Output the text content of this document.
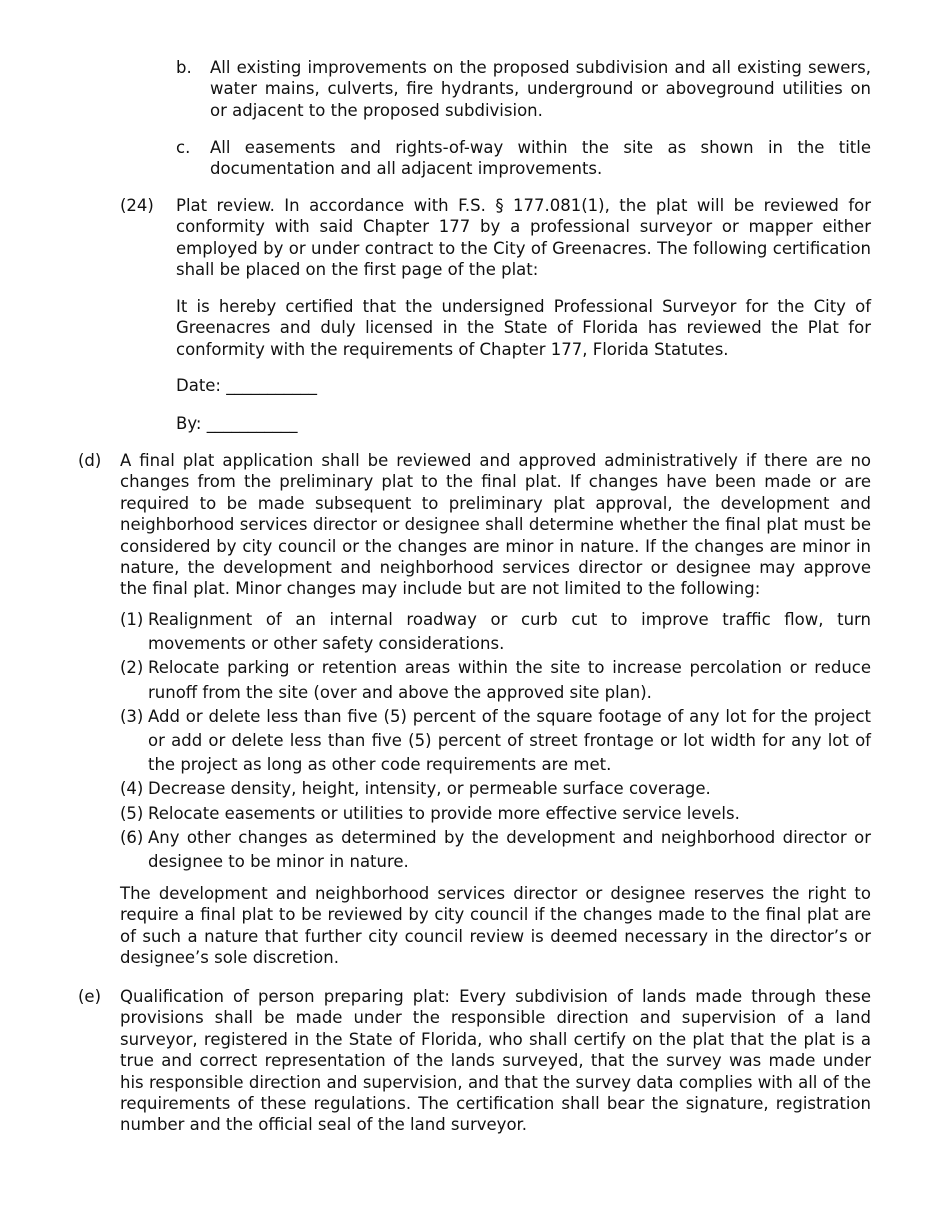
b. All existing improvements on the proposed subdivision and all existing sewers, water mains, culverts, fire hydrants, underground or aboveground utilities on or adjacent to the proposed subdivision.

c. All easements and rights-of-way within the site as shown in the title documentation and all adjacent improvements.

(24) Plat review. In accordance with F.S. § 177.081(1), the plat will be reviewed for conformity with said Chapter 177 by a professional surveyor or mapper either employed by or under contract to the City of Greenacres. The following certification shall be placed on the first page of the plat:

It is hereby certified that the undersigned Professional Surveyor for the City of Greenacres and duly licensed in the State of Florida has reviewed the Plat for conformity with the requirements of Chapter 177, Florida Statutes.

Date: ___________
By: ___________
(d) A final plat application shall be reviewed and approved administratively if there are no changes from the preliminary plat to the final plat. If changes have been made or are required to be made subsequent to preliminary plat approval, the development and neighborhood services director or designee shall determine whether the final plat must be considered by city council or the changes are minor in nature. If the changes are minor in nature, the development and neighborhood services director or designee may approve the final plat. Minor changes may include but are not limited to the following:

(1) Realignment of an internal roadway or curb cut to improve traffic flow, turn movements or other safety considerations.

(2) Relocate parking or retention areas within the site to increase percolation or reduce runoff from the site (over and above the approved site plan).

(3) Add or delete less than five (5) percent of the square footage of any lot for the project or add or delete less than five (5) percent of street frontage or lot width for any lot of the project as long as other code requirements are met.

(4) Decrease density, height, intensity, or permeable surface coverage.

(5) Relocate easements or utilities to provide more effective service levels.

(6) Any other changes as determined by the development and neighborhood director or designee to be minor in nature.

The development and neighborhood services director or designee reserves the right to require a final plat to be reviewed by city council if the changes made to the final plat are of such a nature that further city council review is deemed necessary in the director’s or designee’s sole discretion.

(e) Qualification of person preparing plat: Every subdivision of lands made through these provisions shall be made under the responsible direction and supervision of a land surveyor, registered in the State of Florida, who shall certify on the plat that the plat is a true and correct representation of the lands surveyed, that the survey was made under his responsible direction and supervision, and that the survey data complies with all of the requirements of these regulations. The certification shall bear the signature, registration number and the official seal of the land surveyor.
